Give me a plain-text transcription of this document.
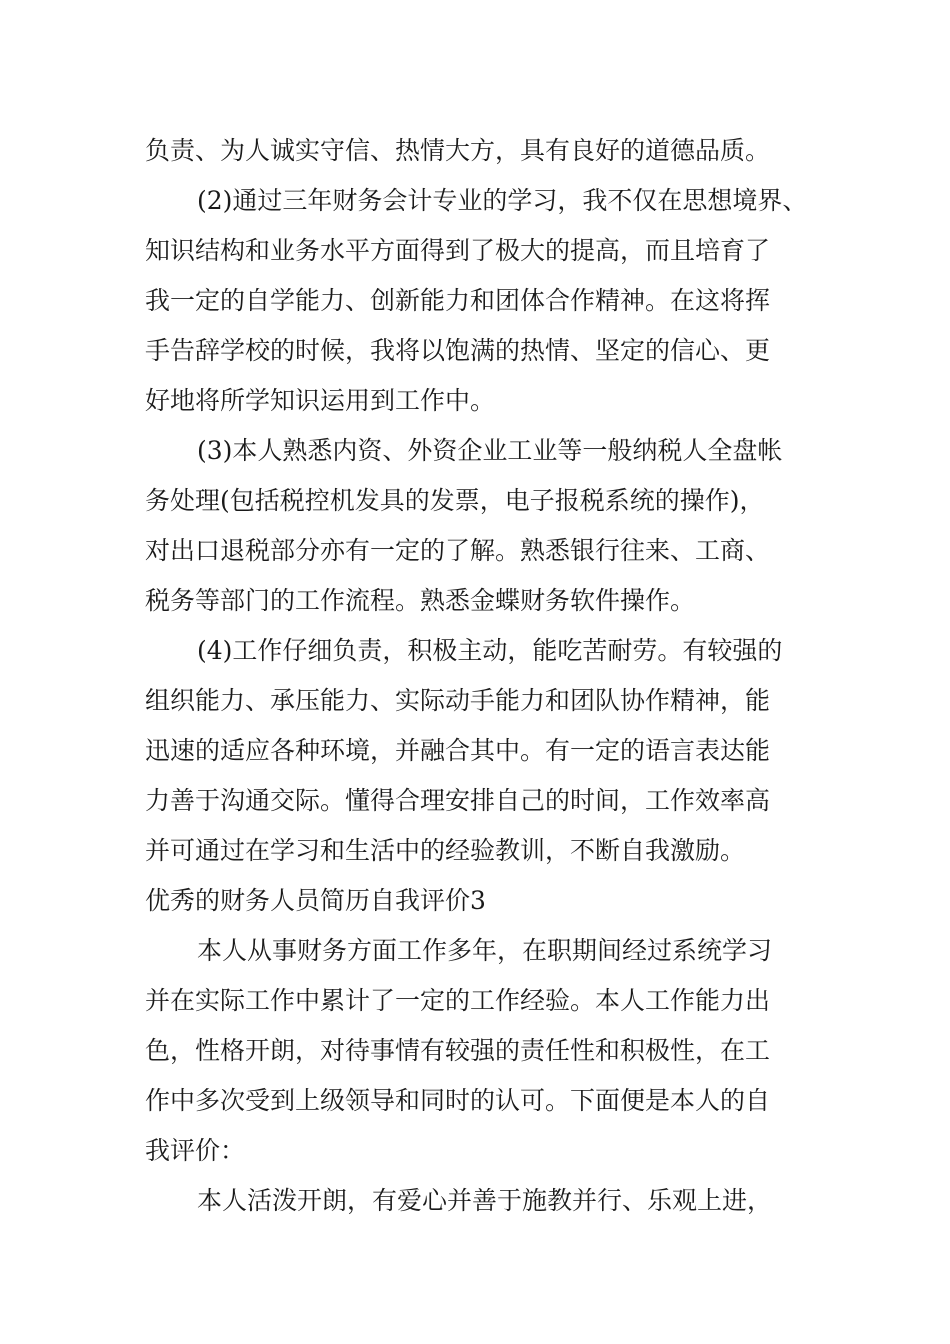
负责、为人诚实守信、热情大方，具有良好的道德品质。
(2)通过三年财务会计专业的学习，我不仅在思想境界、
知识结构和业务水平方面得到了极大的提高，而且培育了
我一定的自学能力、创新能力和团体合作精神。在这将挥
手告辞学校的时候，我将以饱满的热情、坚定的信心、更
好地将所学知识运用到工作中。
(3)本人熟悉内资、外资企业工业等一般纳税人全盘帐
务处理(包括税控机发具的发票，电子报税系统的操作)，
对出口退税部分亦有一定的了解。熟悉银行往来、工商、
税务等部门的工作流程。熟悉金蝶财务软件操作。
(4)工作仔细负责，积极主动，能吃苦耐劳。有较强的
组织能力、承压能力、实际动手能力和团队协作精神，能
迅速的适应各种环境，并融合其中。有一定的语言表达能
力善于沟通交际。懂得合理安排自己的时间，工作效率高
并可通过在学习和生活中的经验教训，不断自我激励。
优秀的财务人员简历自我评价3
本人从事财务方面工作多年，在职期间经过系统学习
并在实际工作中累计了一定的工作经验。本人工作能力出
色，性格开朗，对待事情有较强的责任性和积极性，在工
作中多次受到上级领导和同时的认可。下面便是本人的自
我评价：
本人活泼开朗，有爱心并善于施教并行、乐观上进，
